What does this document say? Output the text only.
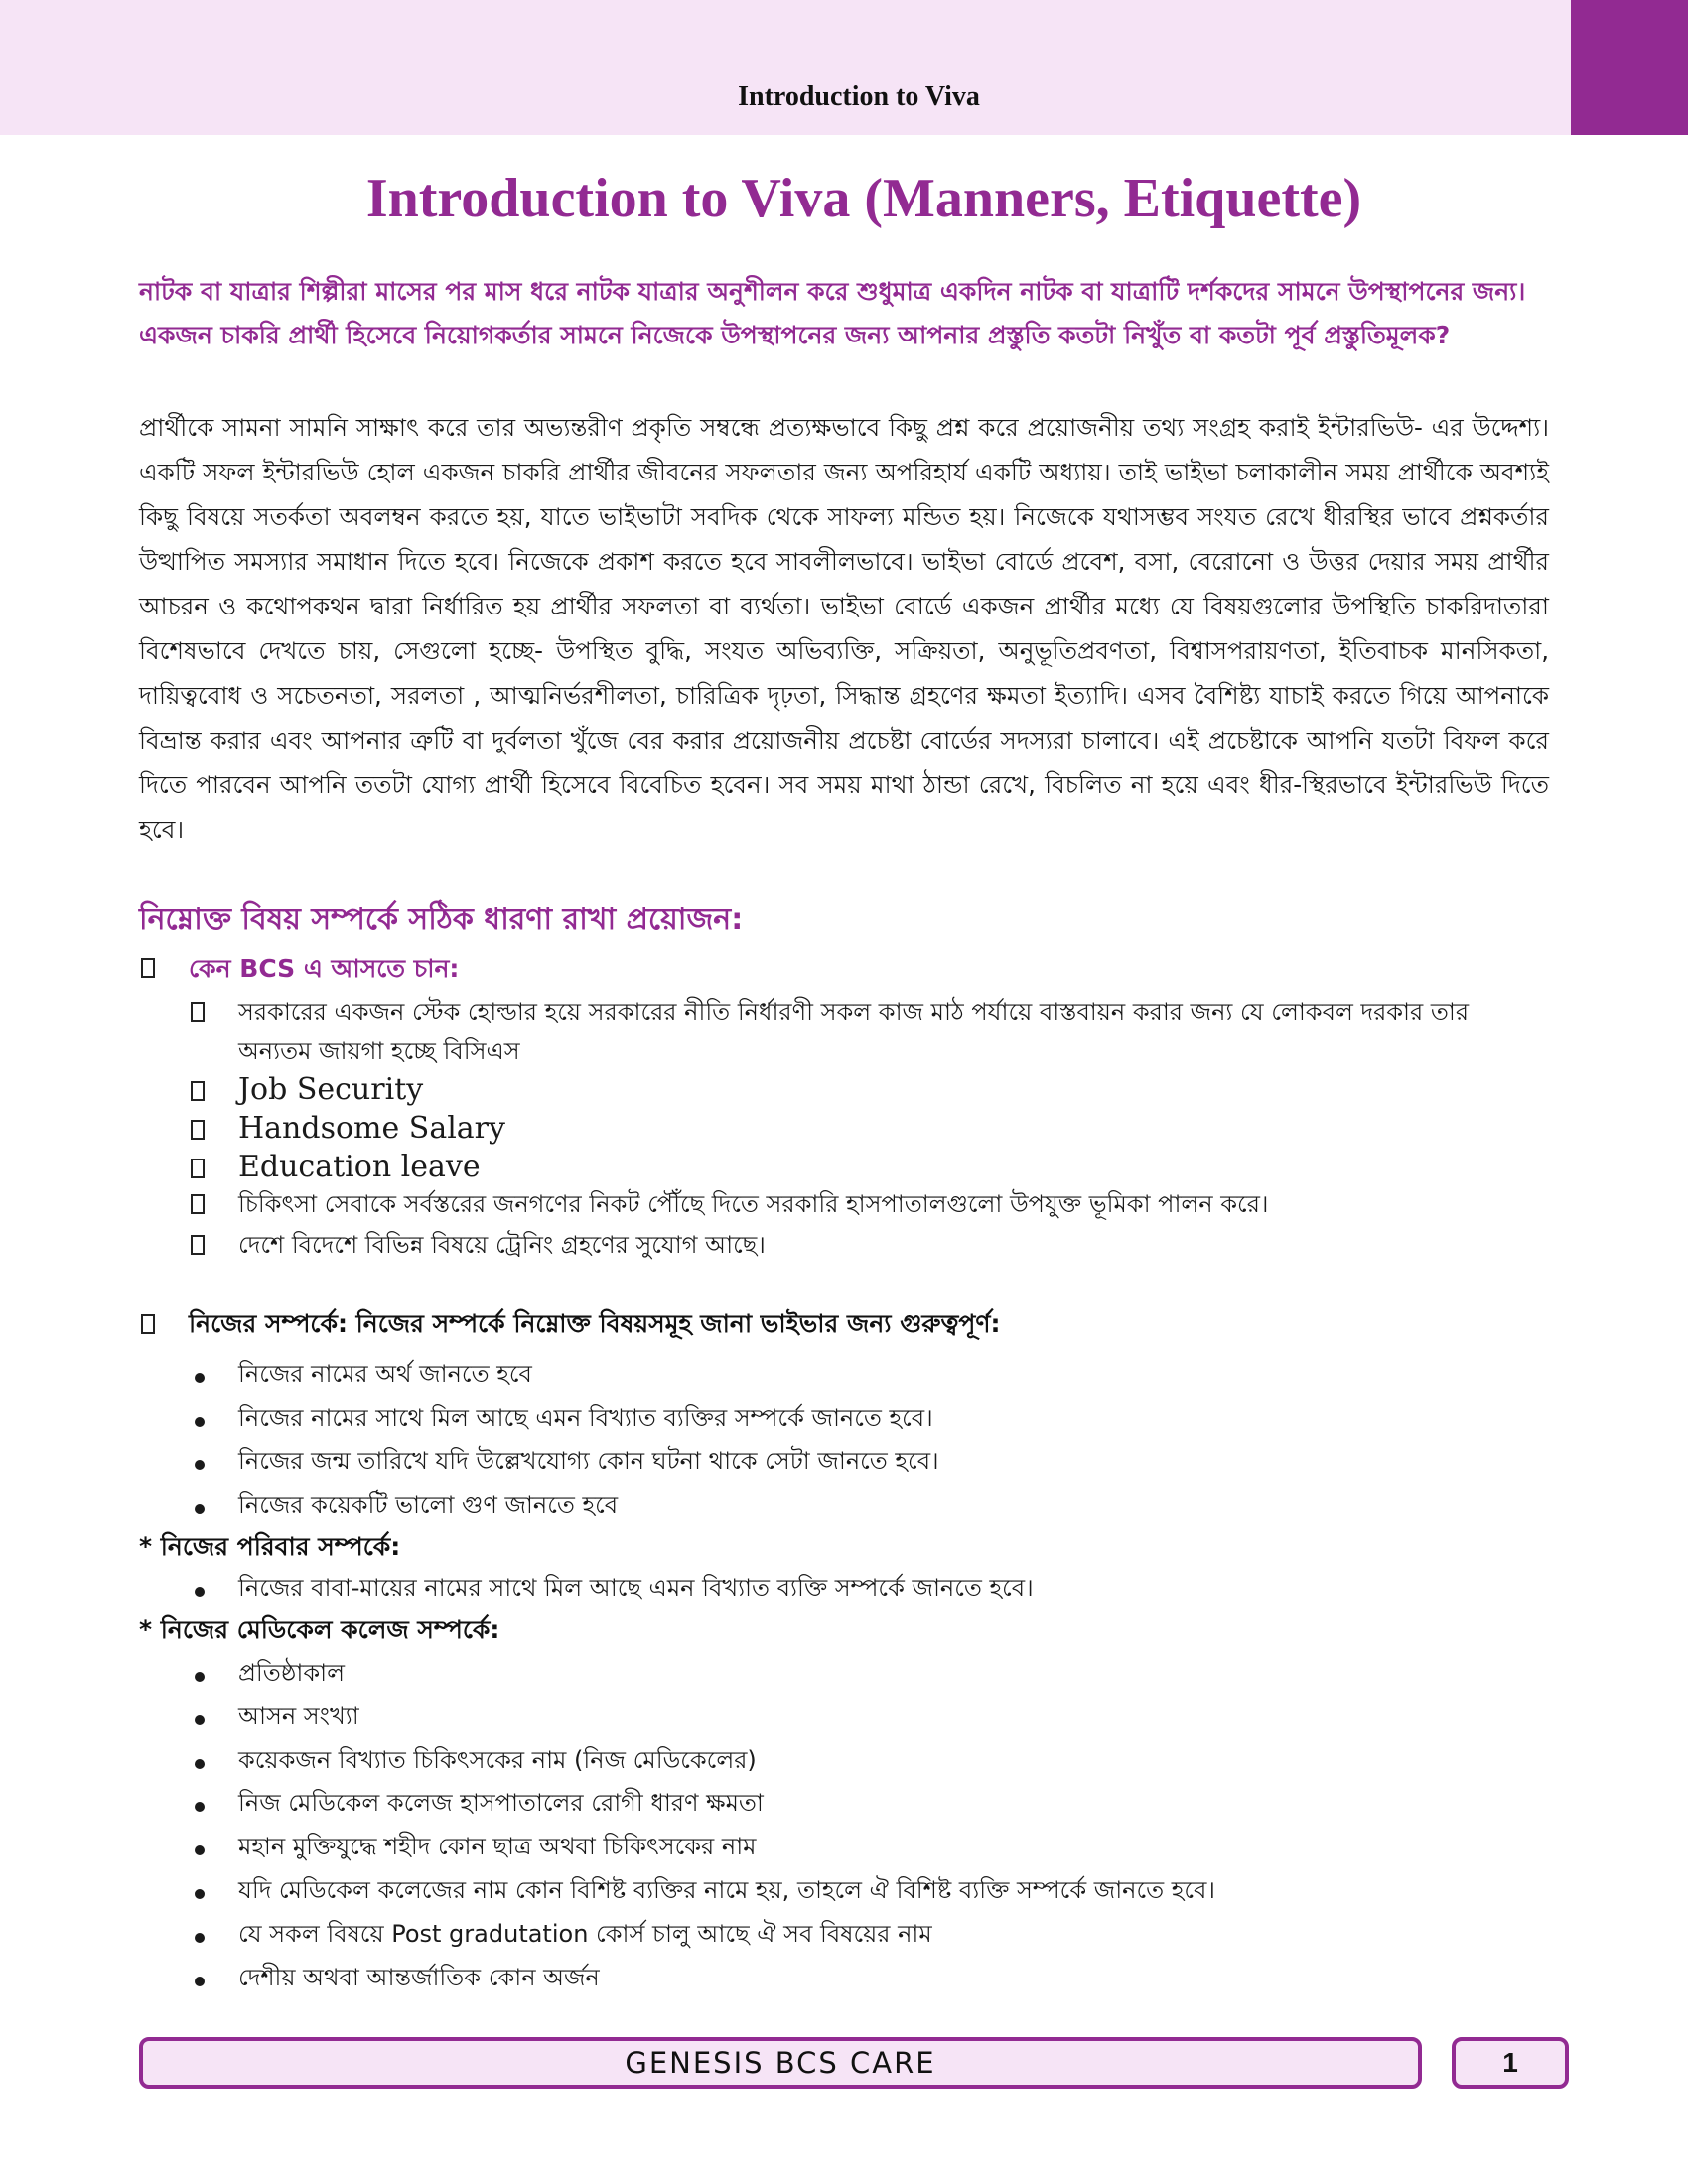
Introduction to Viva
Introduction to Viva (Manners, Etiquette)

নাটক বা যাত্রার শিল্পীরা মাসের পর মাস ধরে নাটক যাত্রার অনুশীলন করে শুধুমাত্র একদিন নাটক বা যাত্রাটি দর্শকদের সামনে উপস্থাপনের জন্য।

একজন চাকরি প্রার্থী হিসেবে নিয়োগকর্তার সামনে নিজেকে উপস্থাপনের জন্য আপনার প্রস্তুতি কতটা নিখুঁত বা কতটা পূর্ব প্রস্তুতিমূলক?

প্রার্থীকে সামনা সামনি সাক্ষাৎ করে তার অভ্যন্তরীণ প্রকৃতি সম্বন্ধে প্রত্যক্ষভাবে কিছু প্রশ্ন করে প্রয়োজনীয় তথ্য সংগ্রহ করাই ইন্টারভিউ- এর উদ্দেশ্য। একটি সফল ইন্টারভিউ হোল একজন চাকরি প্রার্থীর জীবনের সফলতার জন্য অপরিহার্য একটি অধ্যায়। তাই ভাইভা চলাকালীন সময় প্রার্থীকে অবশ্যই কিছু বিষয়ে সতর্কতা অবলম্বন করতে হয়, যাতে ভাইভাটা সবদিক থেকে সাফল্য মন্ডিত হয়। নিজেকে যথাসম্ভব সংযত রেখে ধীরস্থির ভাবে প্রশ্নকর্তার উত্থাপিত সমস্যার সমাধান দিতে হবে। নিজেকে প্রকাশ করতে হবে সাবলীলভাবে। ভাইভা বোর্ডে প্রবেশ, বসা, বেরোনো ও উত্তর দেয়ার সময় প্রার্থীর আচরন ও কথোপকথন দ্বারা নির্ধারিত হয় প্রার্থীর সফলতা বা ব্যর্থতা। ভাইভা বোর্ডে একজন প্রার্থীর মধ্যে যে বিষয়গুলোর উপস্থিতি চাকরিদাতারা বিশেষভাবে দেখতে চায়, সেগুলো হচ্ছে- উপস্থিত বুদ্ধি, সংযত অভিব্যক্তি, সক্রিয়তা, অনুভূতিপ্রবণতা, বিশ্বাসপরায়ণতা, ইতিবাচক মানসিকতা, দায়িত্ববোধ ও সচেতনতা, সরলতা , আত্মনির্ভরশীলতা, চারিত্রিক দৃঢ়তা, সিদ্ধান্ত গ্রহণের ক্ষমতা ইত্যাদি। এসব বৈশিষ্ট্য যাচাই করতে গিয়ে আপনাকে বিভ্রান্ত করার এবং আপনার ত্রুটি বা দুর্বলতা খুঁজে বের করার প্রয়োজনীয় প্রচেষ্টা বোর্ডের সদস্যরা চালাবে। এই প্রচেষ্টাকে আপনি যতটা বিফল করে দিতে পারবেন আপনি ততটা যোগ্য প্রার্থী হিসেবে বিবেচিত হবেন। সব সময় মাথা ঠান্ডা রেখে, বিচলিত না হয়ে এবং ধীর-স্থিরভাবে ইন্টারভিউ দিতে হবে।

নিম্নোক্ত বিষয় সম্পর্কে সঠিক ধারণা রাখা প্রয়োজন:
কেন BCS এ আসতে চান:
সরকারের একজন স্টেক হোল্ডার হয়ে সরকারের নীতি নির্ধারণী সকল কাজ মাঠ পর্যায়ে বাস্তবায়ন করার জন্য যে লোকবল দরকার তার
অন্যতম জায়গা হচ্ছে বিসিএস
Job Security
Handsome Salary
Education leave
চিকিৎসা সেবাকে সর্বস্তরের জনগণের নিকট পৌঁছে দিতে সরকারি হাসপাতালগুলো উপযুক্ত ভূমিকা পালন করে।
দেশে বিদেশে বিভিন্ন বিষয়ে ট্রেনিং গ্রহণের সুযোগ আছে।
নিজের সম্পর্কে: নিজের সম্পর্কে নিম্নোক্ত বিষয়সমূহ জানা ভাইভার জন্য গুরুত্বপূর্ণ:
নিজের নামের অর্থ জানতে হবে
নিজের নামের সাথে মিল আছে এমন বিখ্যাত ব্যক্তির সম্পর্কে জানতে হবে।
নিজের জন্ম তারিখে যদি উল্লেখযোগ্য কোন ঘটনা থাকে সেটা জানতে হবে।
নিজের কয়েকটি ভালো গুণ জানতে হবে
* নিজের পরিবার সম্পর্কে:
নিজের বাবা-মায়ের নামের সাথে মিল আছে এমন বিখ্যাত ব্যক্তি সম্পর্কে জানতে হবে।
* নিজের মেডিকেল কলেজ সম্পর্কে:
প্রতিষ্ঠাকাল
আসন সংখ্যা
কয়েকজন বিখ্যাত চিকিৎসকের নাম (নিজ মেডিকেলের)
নিজ মেডিকেল কলেজ হাসপাতালের রোগী ধারণ ক্ষমতা
মহান মুক্তিযুদ্ধে শহীদ কোন ছাত্র অথবা চিকিৎসকের নাম
যদি মেডিকেল কলেজের নাম কোন বিশিষ্ট ব্যক্তির নামে হয়, তাহলে ঐ বিশিষ্ট ব্যক্তি সম্পর্কে জানতে হবে।
যে সকল বিষয়ে Post gradutation কোর্স চালু আছে ঐ সব বিষয়ের নাম
দেশীয় অথবা আন্তর্জাতিক কোন অর্জন
GENESIS BCS CARE	1
